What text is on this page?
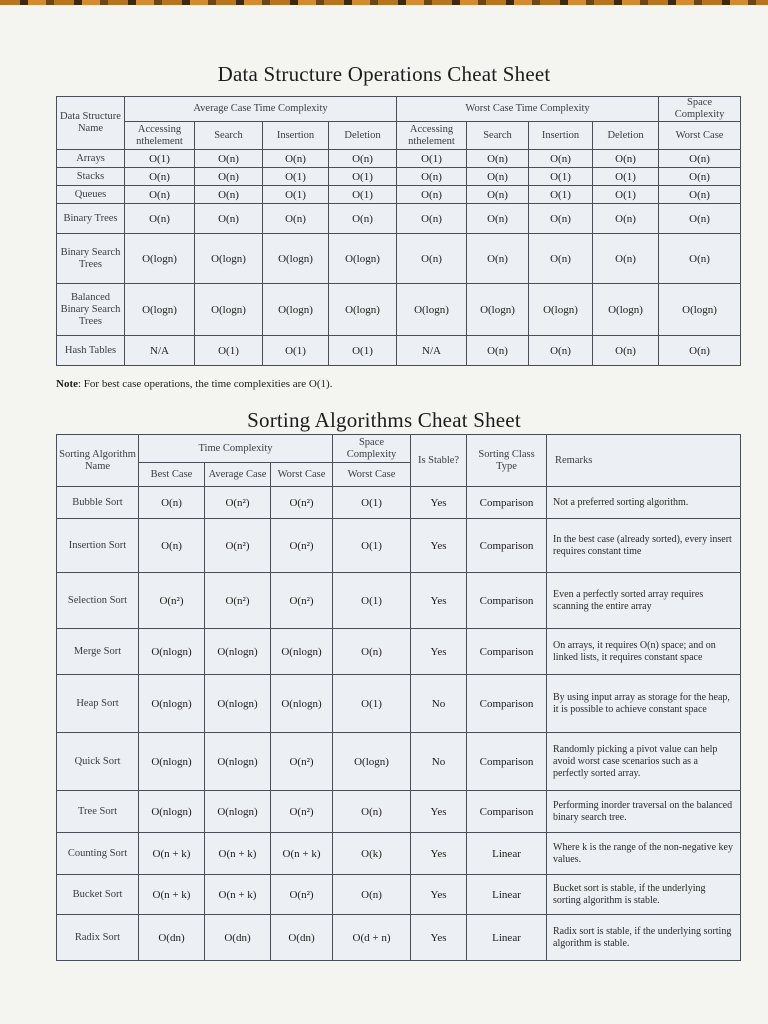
Data Structure Operations Cheat Sheet
Data Structure Name	Average Case Time Complexity				Worst Case Time Complexity				Space Complexity
	Accessing nthelement	Search	Insertion	Deletion	Accessing nthelement	Search	Insertion	Deletion	Worst Case
Arrays	O(1)	O(n)	O(n)	O(n)	O(1)	O(n)	O(n)	O(n)	O(n)
Stacks	O(n)	O(n)	O(1)	O(1)	O(n)	O(n)	O(1)	O(1)	O(n)
Queues	O(n)	O(n)	O(1)	O(1)	O(n)	O(n)	O(1)	O(1)	O(n)
Binary Trees	O(n)	O(n)	O(n)	O(n)	O(n)	O(n)	O(n)	O(n)	O(n)
Binary Search Trees	O(logn)	O(logn)	O(logn)	O(logn)	O(n)	O(n)	O(n)	O(n)	O(n)
Balanced Binary Search Trees	O(logn)	O(logn)	O(logn)	O(logn)	O(logn)	O(logn)	O(logn)	O(logn)	O(logn)
Hash Tables	N/A	O(1)	O(1)	O(1)	N/A	O(n)	O(n)	O(n)	O(n)
Note: For best case operations, the time complexities are O(1).
Sorting Algorithms Cheat Sheet
Sorting Algorithm Name	Time Complexity			Space Complexity	Is Stable?	Sorting Class Type	Remarks
	Best Case	Average Case	Worst Case	Worst Case			
Bubble Sort	O(n)	O(n²)	O(n²)	O(1)	Yes	Comparison	Not a preferred sorting algorithm.
Insertion Sort	O(n)	O(n²)	O(n²)	O(1)	Yes	Comparison	In the best case (already sorted), every insert requires constant time
Selection Sort	O(n²)	O(n²)	O(n²)	O(1)	Yes	Comparison	Even a perfectly sorted array requires scanning the entire array
Merge Sort	O(nlogn)	O(nlogn)	O(nlogn)	O(n)	Yes	Comparison	On arrays, it requires O(n) space; and on linked lists, it requires constant space
Heap Sort	O(nlogn)	O(nlogn)	O(nlogn)	O(1)	No	Comparison	By using input array as storage for the heap, it is possible to achieve constant space
Quick Sort	O(nlogn)	O(nlogn)	O(n²)	O(logn)	No	Comparison	Randomly picking a pivot value can help avoid worst case scenarios such as a perfectly sorted array.
Tree Sort	O(nlogn)	O(nlogn)	O(n²)	O(n)	Yes	Comparison	Performing inorder traversal on the balanced binary search tree.
Counting Sort	O(n + k)	O(n + k)	O(n + k)	O(k)	Yes	Linear	Where k is the range of the non-negative key values.
Bucket Sort	O(n + k)	O(n + k)	O(n²)	O(n)	Yes	Linear	Bucket sort is stable, if the underlying sorting algorithm is stable.
Radix Sort	O(dn)	O(dn)	O(dn)	O(d + n)	Yes	Linear	Radix sort is stable, if the underlying sorting algorithm is stable.
